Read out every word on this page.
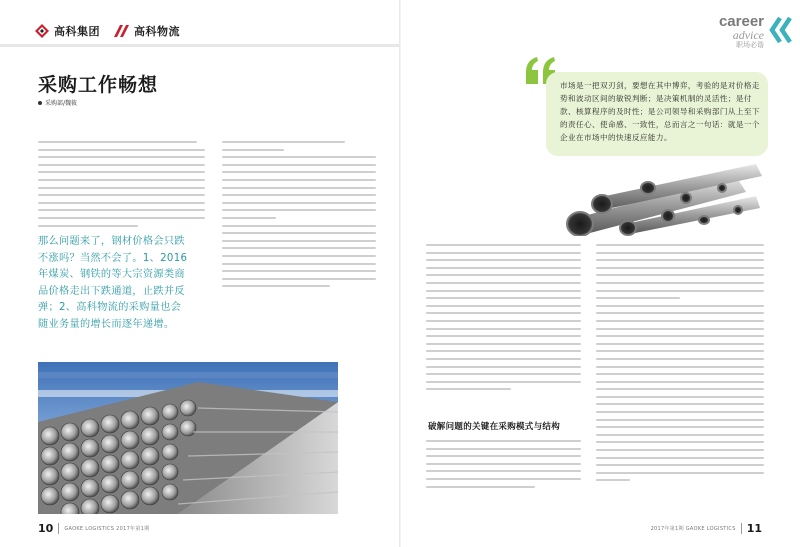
高科集团	高科物流
career
advice
职场必谐
采购工作畅想
采购部/魏筱
那么问题来了，钢材价格会只跌不涨吗？当然不会了。1、2016年煤炭、钢铁的等大宗资源类商品价格走出下跌通道，止跌并反弹；2、高科物流的采购量也会随业务量的增长而逐年递增。
市场是一把双刃剑，要想在其中博弈，考验的是对价格走势和波动区间的敏锐判断；是决策机制的灵活性；是付款、核算程序的及时性；是公司领导和采购部门从上至下的责任心、使命感、一致性，总而言之一句话：就是一个企业在市场中的快速反应能力。
破解问题的关键在采购模式与结构
10 GAOKE LOGISTICS 2017年第1期	2017年第1期 GAOKE LOGISTICS 11
